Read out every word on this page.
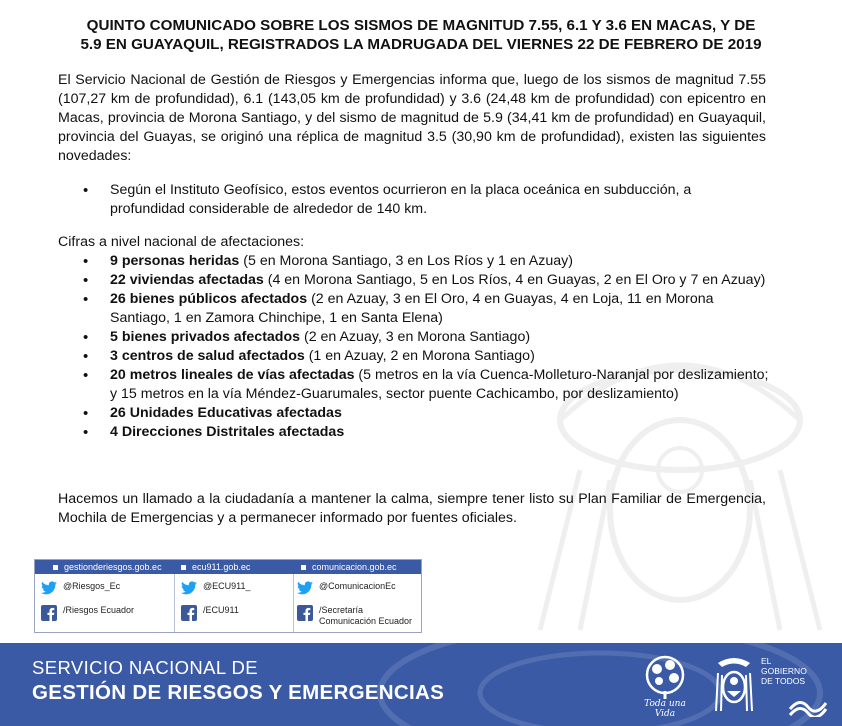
QUINTO COMUNICADO SOBRE LOS SISMOS DE MAGNITUD 7.55, 6.1 Y 3.6 EN MACAS, Y DE
5.9 EN GUAYAQUIL, REGISTRADOS LA MADRUGADA DEL VIERNES 22 DE FEBRERO DE 2019

El Servicio Nacional de Gestión de Riesgos y Emergencias informa que, luego de los sismos de magnitud 7.55 (107,27 km de profundidad), 6.1 (143,05 km de profundidad) y 3.6 (24,48 km de profundidad) con epicentro en Macas, provincia de Morona Santiago, y del sismo de magnitud de 5.9 (34,41 km de profundidad) en Guayaquil, provincia del Guayas, se originó una réplica de magnitud 3.5 (30,90 km de profundidad), existen las siguientes novedades:

• Según el Instituto Geofísico, estos eventos ocurrieron en la placa oceánica en subducción, a profundidad considerable de alrededor de 140 km.

Cifras a nivel nacional de afectaciones:

• 9 personas heridas (5 en Morona Santiago, 3 en Los Ríos y 1 en Azuay)
• 22 viviendas afectadas (4 en Morona Santiago, 5 en Los Ríos, 4 en Guayas, 2 en El Oro y 7 en Azuay)
• 26 bienes públicos afectados (2 en Azuay, 3 en El Oro, 4 en Guayas, 4 en Loja, 11 en Morona Santiago, 1 en Zamora Chinchipe, 1 en Santa Elena)
• 5 bienes privados afectados (2 en Azuay, 3 en Morona Santiago)
• 3 centros de salud afectados (1 en Azuay, 2 en Morona Santiago)
• 20 metros lineales de vías afectadas (5 metros en la vía Cuenca-Molleturo-Naranjal por deslizamiento; y 15 metros en la vía Méndez-Guarumales, sector puente Cachicambo, por deslizamiento)
• 26 Unidades Educativas afectadas
• 4 Direcciones Distritales afectadas

Hacemos un llamado a la ciudadanía a mantener la calma, siempre tener listo su Plan Familiar de Emergencia, Mochila de Emergencias y a permanecer informado por fuentes oficiales.

gestionderiesgos.gob.ec	ecu911.gob.ec	comunicacion.gob.ec
@Riesgos_Ec	@ECU911_	@ComunicacionEc
/Riesgos Ecuador	/ECU911	/Secretaría Comunicación Ecuador
SERVICIO NACIONAL DE
GESTIÓN DE RIESGOS Y EMERGENCIAS	Toda una Vida
EL
GOBIERNO
DE TODOS
